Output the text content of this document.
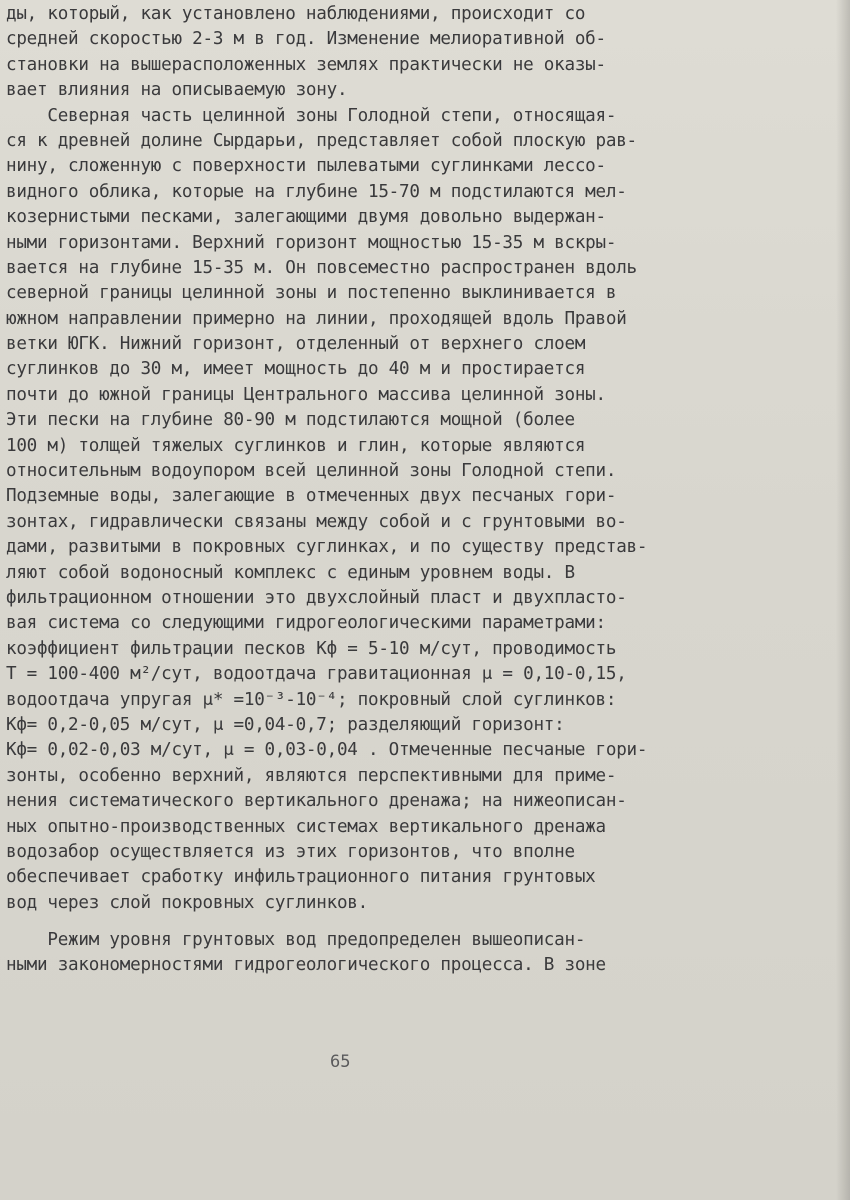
ды, который, как установлено наблюдениями, происходит со
средней скоростью 2-3 м в год. Изменение мелиоративной об-
становки на вышерасположенных землях практически не оказы-
вает влияния на описываемую зону.
Северная часть целинной зоны Голодной степи, относящая-
ся к древней долине Сырдарьи, представляет собой плоскую рав-
нину, сложенную с поверхности пылеватыми суглинками лессо-
видного облика, которые на глубине 15-70 м подстилаются мел-
козернистыми песками, залегающими двумя довольно выдержан-
ными горизонтами. Верхний горизонт мощностью 15-35 м вскры-
вается на глубине 15-35 м. Он повсеместно распространен вдоль
северной границы целинной зоны и постепенно выклинивается в
южном направлении примерно на линии, проходящей вдоль Правой
ветки ЮГК. Нижний горизонт, отделенный от верхнего слоем
суглинков до 30 м, имеет мощность до 40 м и простирается
почти до южной границы Центрального массива целинной зоны.
Эти пески на глубине 80-90 м подстилаются мощной (более
100 м) толщей тяжелых суглинков и глин, которые являются
относительным водоупором всей целинной зоны Голодной степи.
Подземные воды, залегающие в отмеченных двух песчаных гори-
зонтах, гидравлически связаны между собой и с грунтовыми во-
дами, развитыми в покровных суглинках, и по существу представ-
ляют собой водоносный комплекс с единым уровнем воды. В
фильтрационном отношении это двухслойный пласт и двухпласто-
вая система со следующими гидрогеологическими параметрами:
коэффициент фильтрации песков Кф = 5-10 м/сут, проводимость
Т = 100-400 м²/сут, водоотдача гравитационная μ = 0,10-0,15,
водоотдача упругая μ* =10⁻³-10⁻⁴; покровный слой суглинков:
Кф= 0,2-0,05 м/сут, μ =0,04-0,7; разделяющий горизонт:
Кф= 0,02-0,03 м/сут, μ = 0,03-0,04 . Отмеченные песчаные гори-
зонты, особенно верхний, являются перспективными для приме-
нения систематического вертикального дренажа; на нижеописан-
ных опытно-производственных системах вертикального дренажа
водозабор осуществляется из этих горизонтов, что вполне
обеспечивает сработку инфильтрационного питания грунтовых
вод через слой покровных суглинков.
Режим уровня грунтовых вод предопределен вышеописан-
ными закономерностями гидрогеологического процесса. В зоне
65
